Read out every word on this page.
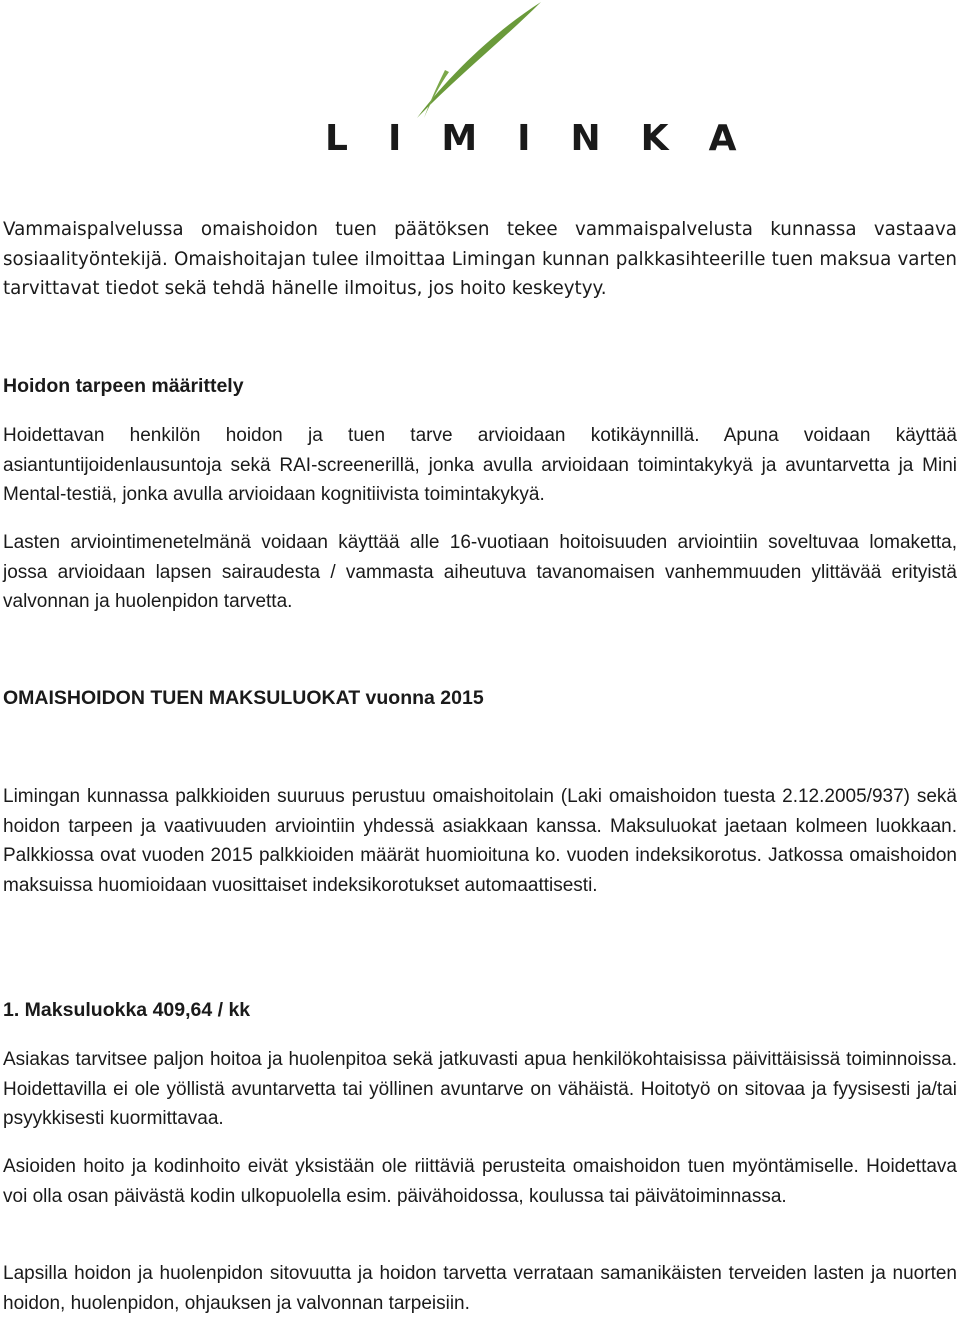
LIMINKA

Vammaispalvelussa omaishoidon tuen päätöksen tekee vammaispalvelusta kunnassa vastaava sosiaalityöntekijä. Omaishoitajan tulee ilmoittaa Limingan kunnan palkkasihteerille tuen maksua varten tarvittavat tiedot sekä tehdä hänelle ilmoitus, jos hoito keskeytyy.

Hoidon tarpeen määrittely

Hoidettavan henkilön hoidon ja tuen tarve arvioidaan kotikäynnillä. Apuna voidaan käyttää asiantuntijoidenlausuntoja sekä RAI-screenerillä, jonka avulla arvioidaan toimintakykyä ja avuntarvetta ja Mini Mental-testiä, jonka avulla arvioidaan kognitiivista toimintakykyä.

Lasten arviointimenetelmänä voidaan käyttää alle 16-vuotiaan hoitoisuuden arviointiin soveltuvaa lomaketta, jossa arvioidaan lapsen sairaudesta / vammasta aiheutuva tavanomaisen vanhemmuuden ylittävää erityistä valvonnan ja huolenpidon tarvetta.

OMAISHOIDON TUEN MAKSULUOKAT vuonna 2015

Limingan kunnassa palkkioiden suuruus perustuu omaishoitolain (Laki omaishoidon tuesta 2.12.2005/937) sekä hoidon tarpeen ja vaativuuden arviointiin yhdessä asiakkaan kanssa. Maksuluokat jaetaan kolmeen luokkaan. Palkkiossa ovat vuoden 2015 palkkioiden määrät huomioituna ko. vuoden indeksikorotus. Jatkossa omaishoidon maksuissa huomioidaan vuosittaiset indeksikorotukset automaattisesti.

1. Maksuluokka 409,64 / kk

Asiakas tarvitsee paljon hoitoa ja huolenpitoa sekä jatkuvasti apua henkilökohtaisissa päivittäisissä toiminnoissa. Hoidettavilla ei ole yöllistä avuntarvetta tai yöllinen avuntarve on vähäistä. Hoitotyö on sitovaa ja fyysisesti ja/tai psyykkisesti kuormittavaa.

Asioiden hoito ja kodinhoito eivät yksistään ole riittäviä perusteita omaishoidon tuen myöntämiselle. Hoidettava voi olla osan päivästä kodin ulkopuolella esim. päivähoidossa, koulussa tai päivätoiminnassa.

Lapsilla hoidon ja huolenpidon sitovuutta ja hoidon tarvetta verrataan samanikäisten terveiden lasten ja nuorten hoidon, huolenpidon, ohjauksen ja valvonnan tarpeisiin.
